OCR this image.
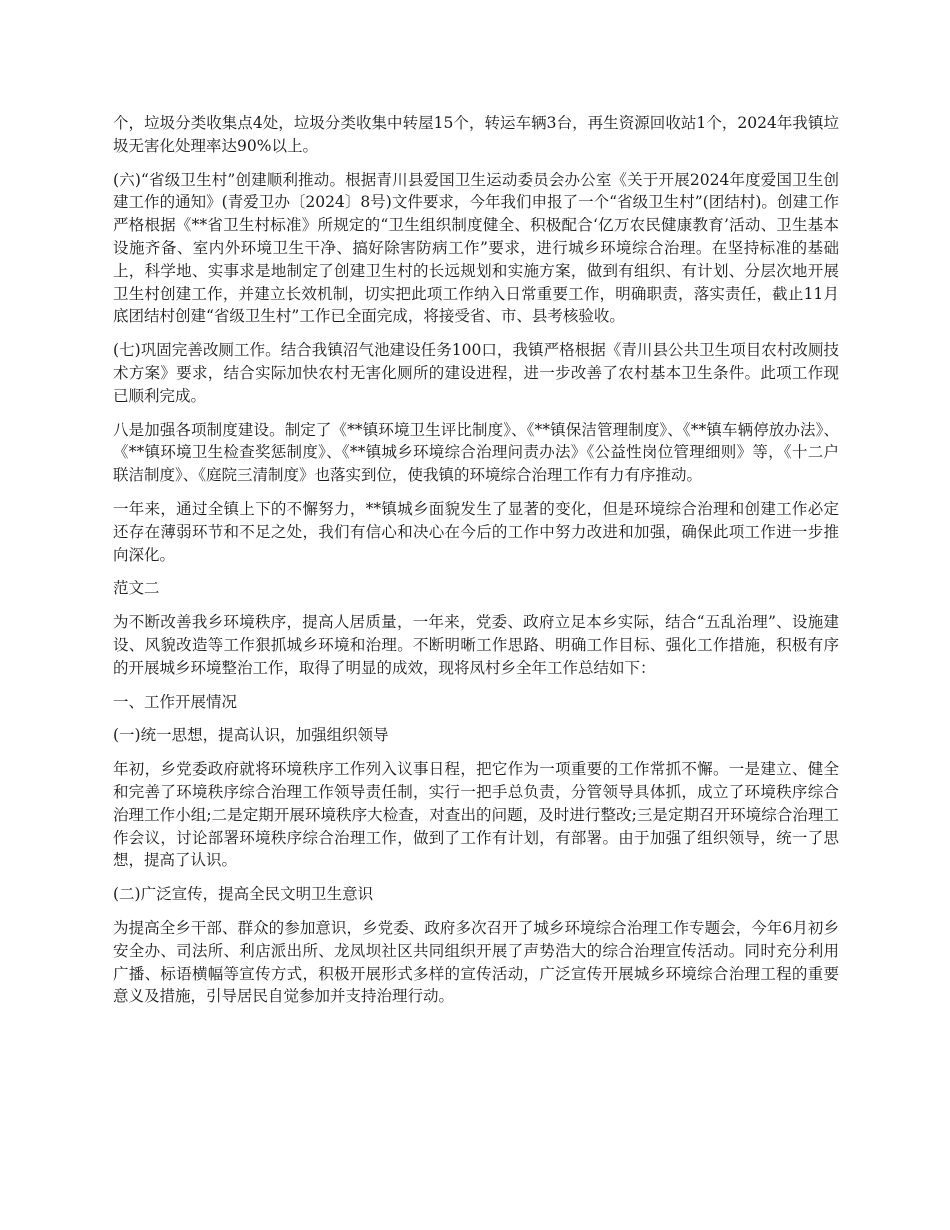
个，垃圾分类收集点4处，垃圾分类收集中转屋15个，转运车辆3台，再生资源回收站1个，2024年我镇垃圾无害化处理率达90%以上。

(六)“省级卫生村”创建顺利推动。根据青川县爱国卫生运动委员会办公室《关于开展2024年度爱国卫生创建工作的通知》(青爱卫办〔2024〕8号)文件要求，今年我们申报了一个“省级卫生村”(团结村)。创建工作严格根据《**省卫生村标准》所规定的“卫生组织制度健全、积极配合‘亿万农民健康教育’活动、卫生基本设施齐备、室内外环境卫生干净、搞好除害防病工作”要求，进行城乡环境综合治理。在坚持标准的基础上，科学地、实事求是地制定了创建卫生村的长远规划和实施方案，做到有组织、有计划、分层次地开展卫生村创建工作，并建立长效机制，切实把此项工作纳入日常重要工作，明确职责，落实责任，截止11月底团结村创建“省级卫生村”工作已全面完成，将接受省、市、县考核验收。

(七)巩固完善改厕工作。结合我镇沼气池建设任务100口，我镇严格根据《青川县公共卫生项目农村改厕技术方案》要求，结合实际加快农村无害化厕所的建设进程，进一步改善了农村基本卫生条件。此项工作现已顺利完成。

八是加强各项制度建设。制定了《**镇环境卫生评比制度》、《**镇保洁管理制度》、《**镇车辆停放办法》、《**镇环境卫生检查奖惩制度》、《**镇城乡环境综合治理问责办法》《公益性岗位管理细则》等，《十二户联洁制度》、《庭院三清制度》也落实到位，使我镇的环境综合治理工作有力有序推动。

一年来，通过全镇上下的不懈努力，**镇城乡面貌发生了显著的变化，但是环境综合治理和创建工作必定还存在薄弱环节和不足之处，我们有信心和决心在今后的工作中努力改进和加强，确保此项工作进一步推向深化。

范文二

为不断改善我乡环境秩序，提高人居质量，一年来，党委、政府立足本乡实际，结合“五乱治理”、设施建设、风貌改造等工作狠抓城乡环境和治理。不断明晰工作思路、明确工作目标、强化工作措施，积极有序的开展城乡环境整治工作，取得了明显的成效，现将凤村乡全年工作总结如下：

一、工作开展情况

(一)统一思想，提高认识，加强组织领导

年初，乡党委政府就将环境秩序工作列入议事日程，把它作为一项重要的工作常抓不懈。一是建立、健全和完善了环境秩序综合治理工作领导责任制，实行一把手总负责，分管领导具体抓，成立了环境秩序综合治理工作小组;二是定期开展环境秩序大检查，对查出的问题，及时进行整改;三是定期召开环境综合治理工作会议，讨论部署环境秩序综合治理工作，做到了工作有计划，有部署。由于加强了组织领导，统一了思想，提高了认识。

(二)广泛宣传，提高全民文明卫生意识

为提高全乡干部、群众的参加意识，乡党委、政府多次召开了城乡环境综合治理工作专题会，今年6月初乡安全办、司法所、利店派出所、龙凤坝社区共同组织开展了声势浩大的综合治理宣传活动。同时充分利用广播、标语横幅等宣传方式，积极开展形式多样的宣传活动，广泛宣传开展城乡环境综合治理工程的重要意义及措施，引导居民自觉参加并支持治理行动。
